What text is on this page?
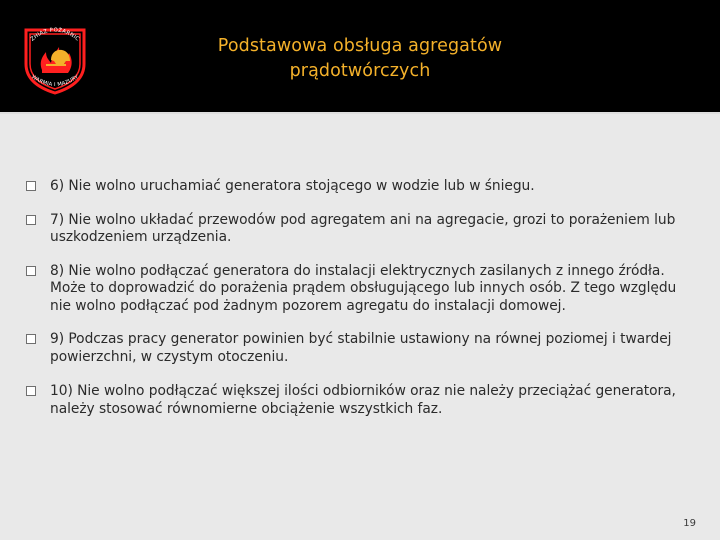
ZHIAZ POŻARNIC
WARMIA I MAZURY
Podstawowa obsługa agregatów
prądotwórczych
6) Nie wolno uruchamiać generatora stojącego w wodzie lub w śniegu.
7) Nie wolno układać przewodów pod agregatem ani na agregacie, grozi to porażeniem lub uszkodzeniem urządzenia.
8) Nie wolno podłączać generatora do instalacji elektrycznych zasilanych z innego źródła. Może to doprowadzić do porażenia prądem obsługującego lub innych osób. Z tego względu nie wolno podłączać pod żadnym pozorem agregatu do instalacji domowej.
9) Podczas pracy generator powinien być stabilnie ustawiony na równej poziomej i twardej powierzchni, w czystym otoczeniu.
10) Nie wolno podłączać większej ilości odbiorników oraz nie należy przeciążać generatora, należy stosować równomierne obciążenie wszystkich faz.
19
